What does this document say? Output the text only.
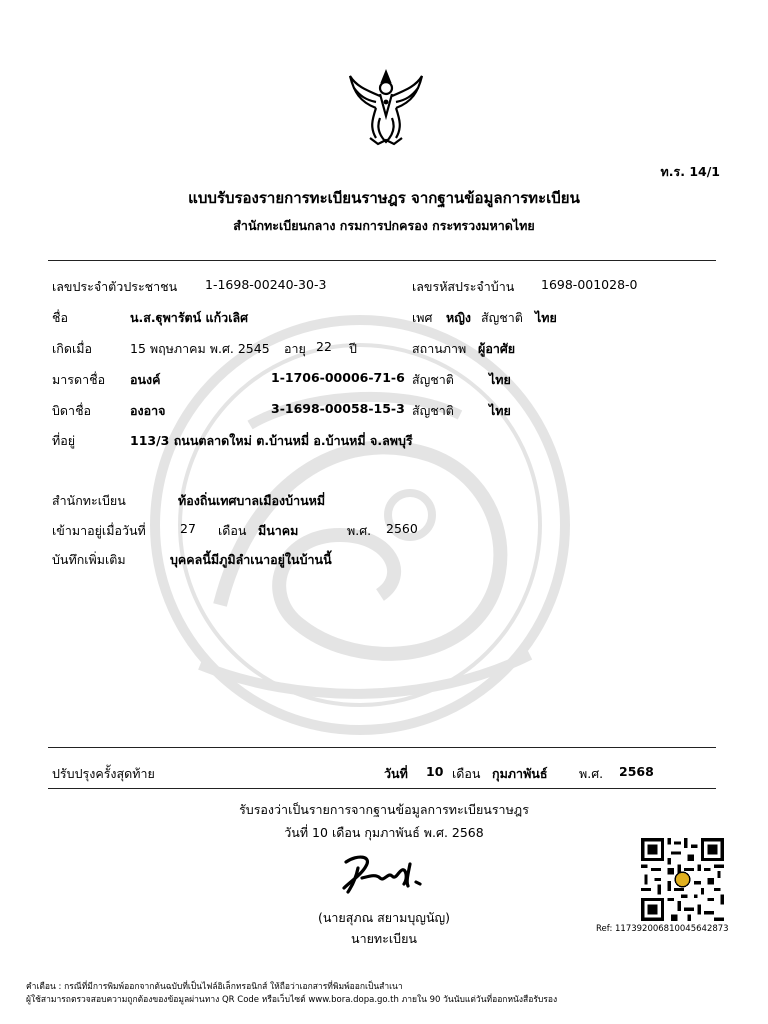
ท.ร. 14/1
แบบรับรองรายการทะเบียนราษฎร จากฐานข้อมูลการทะเบียน
สำนักทะเบียนกลาง กรมการปกครอง กระทรวงมหาดไทย
เลขประจำตัวประชาชน 1-1698-00240-30-3	เลขรหัสประจำบ้าน 1698-001028-0
ชื่อ	น.ส.ฐุพารัตน์ แก้วเลิศ	เพศ หญิง สัญชาติ ไทย
เกิดเมื่อ	15 พฤษภาคม พ.ศ. 2545 อายุ 22 ปี	สถานภาพ ผู้อาศัย
มารดาชื่อ อนงค์	1-1706-00006-71-6 สัญชาติ	ไทย
บิดาชื่อ	องอาจ	3-1698-00058-15-3 สัญชาติ	ไทย
ที่อยู่	113/3 ถนนตลาดใหม่ ต.บ้านหมี่ อ.บ้านหมี่ จ.ลพบุรี
สำนักทะเบียน	ท้องถิ่นเทศบาลเมืองบ้านหมี่
เข้ามาอยู่เมื่อวันที่	27 เดือน มีนาคม	พ.ศ. 2560
บันทึกเพิ่มเติม	บุคคลนี้มีภูมิลำเนาอยู่ในบ้านนี้
ปรับปรุงครั้งสุดท้าย	วันที่ 10 เดือน กุมภาพันธ์	พ.ศ. 2568
รับรองว่าเป็นรายการจากฐานข้อมูลการทะเบียนราษฎร
วันที่ 10 เดือน กุมภาพันธ์ พ.ศ. 2568
(นายสุภณ สยามบุญนัญ)
นายทะเบียน
Ref: 1173920068100456428​73
คำเตือน : กรณีที่มีการพิมพ์ออกจากต้นฉบับที่เป็นไฟล์อิเล็กทรอนิกส์ ให้ถือว่าเอกสารที่พิมพ์ออกเป็นสำเนา
ผู้ใช้สามารถตรวจสอบความถูกต้องของข้อมูลผ่านทาง QR Code หรือเว็บไซต์ www.bora.dopa.go.th ภายใน 90 วันนับแต่วันที่ออกหนังสือรับรอง
